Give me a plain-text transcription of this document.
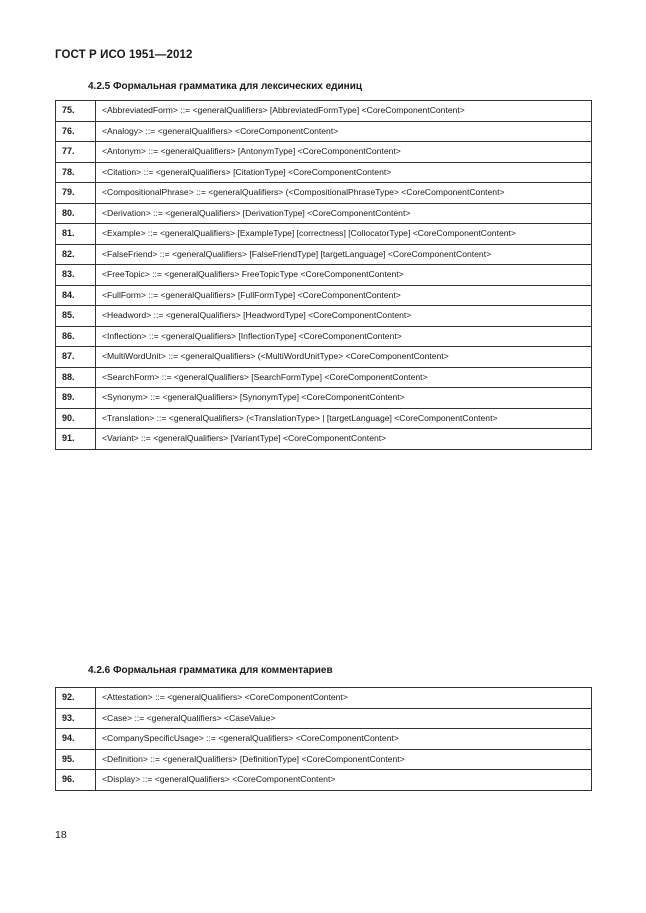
ГОСТ Р ИСО 1951—2012
4.2.5 Формальная грамматика для лексических единиц
75.	<AbbreviatedForm> ::= <generalQualifiers> [AbbreviatedFormType] <CoreComponentContent>
76.	<Analogy> ::= <generalQualifiers> <CoreComponentContent>
77.	<Antonym> ::= <generalQualifiers> [AntonymType] <CoreComponentContent>
78.	<Citation> ::= <generalQualifiers> [CitationType] <CoreComponentContent>
79.	<CompositionalPhrase> ::= <generalQualifiers> (<CompositionalPhraseType> <CoreComponentContent>
80.	<Derivation> ::= <generalQualifiers> [DerivationType] <CoreComponentContent>
81.	<Example> ::= <generalQualifiers> [ExampleType] [correctness] [CollocatorType] <CoreComponentContent>
82.	<FalseFriend> ::= <generalQualifiers> [FalseFriendType] [targetLanguage] <CoreComponentContent>
83.	<FreeTopic> ::= <generalQualifiers> FreeTopicType <CoreComponentContent>
84.	<FullForm> ::= <generalQualifiers> [FullFormType] <CoreComponentContent>
85.	<Headword> ::= <generalQualifiers> [HeadwordType] <CoreComponentContent>
86.	<Inflection> ::= <generalQualifiers> [InflectionType] <CoreComponentContent>
87.	<MultiWordUnit> ::= <generalQualifiers> (<MultiWordUnitType> <CoreComponentContent>
88.	<SearchForm> ::= <generalQualifiers> [SearchFormType] <CoreComponentContent>
89.	<Synonym> ::= <generalQualifiers> [SynonymType] <CoreComponentContent>
90.	<Translation> ::= <generalQualifiers> (<TranslationType> | [targetLanguage] <CoreComponentContent>
91.	<Variant> ::= <generalQualifiers> [VariantType] <CoreComponentContent>
4.2.6 Формальная грамматика для комментариев
92.	<Attestation> ::= <generalQualifiers> <CoreComponentContent>
93.	<Case> ::= <generalQualifiers> <CaseValue>
94.	<CompanySpecificUsage> ::= <generalQualifiers> <CoreComponentContent>
95.	<Definition> ::= <generalQualifiers> [DefinitionType] <CoreComponentContent>
96.	<Display> ::= <generalQualifiers> <CoreComponentContent>
18
